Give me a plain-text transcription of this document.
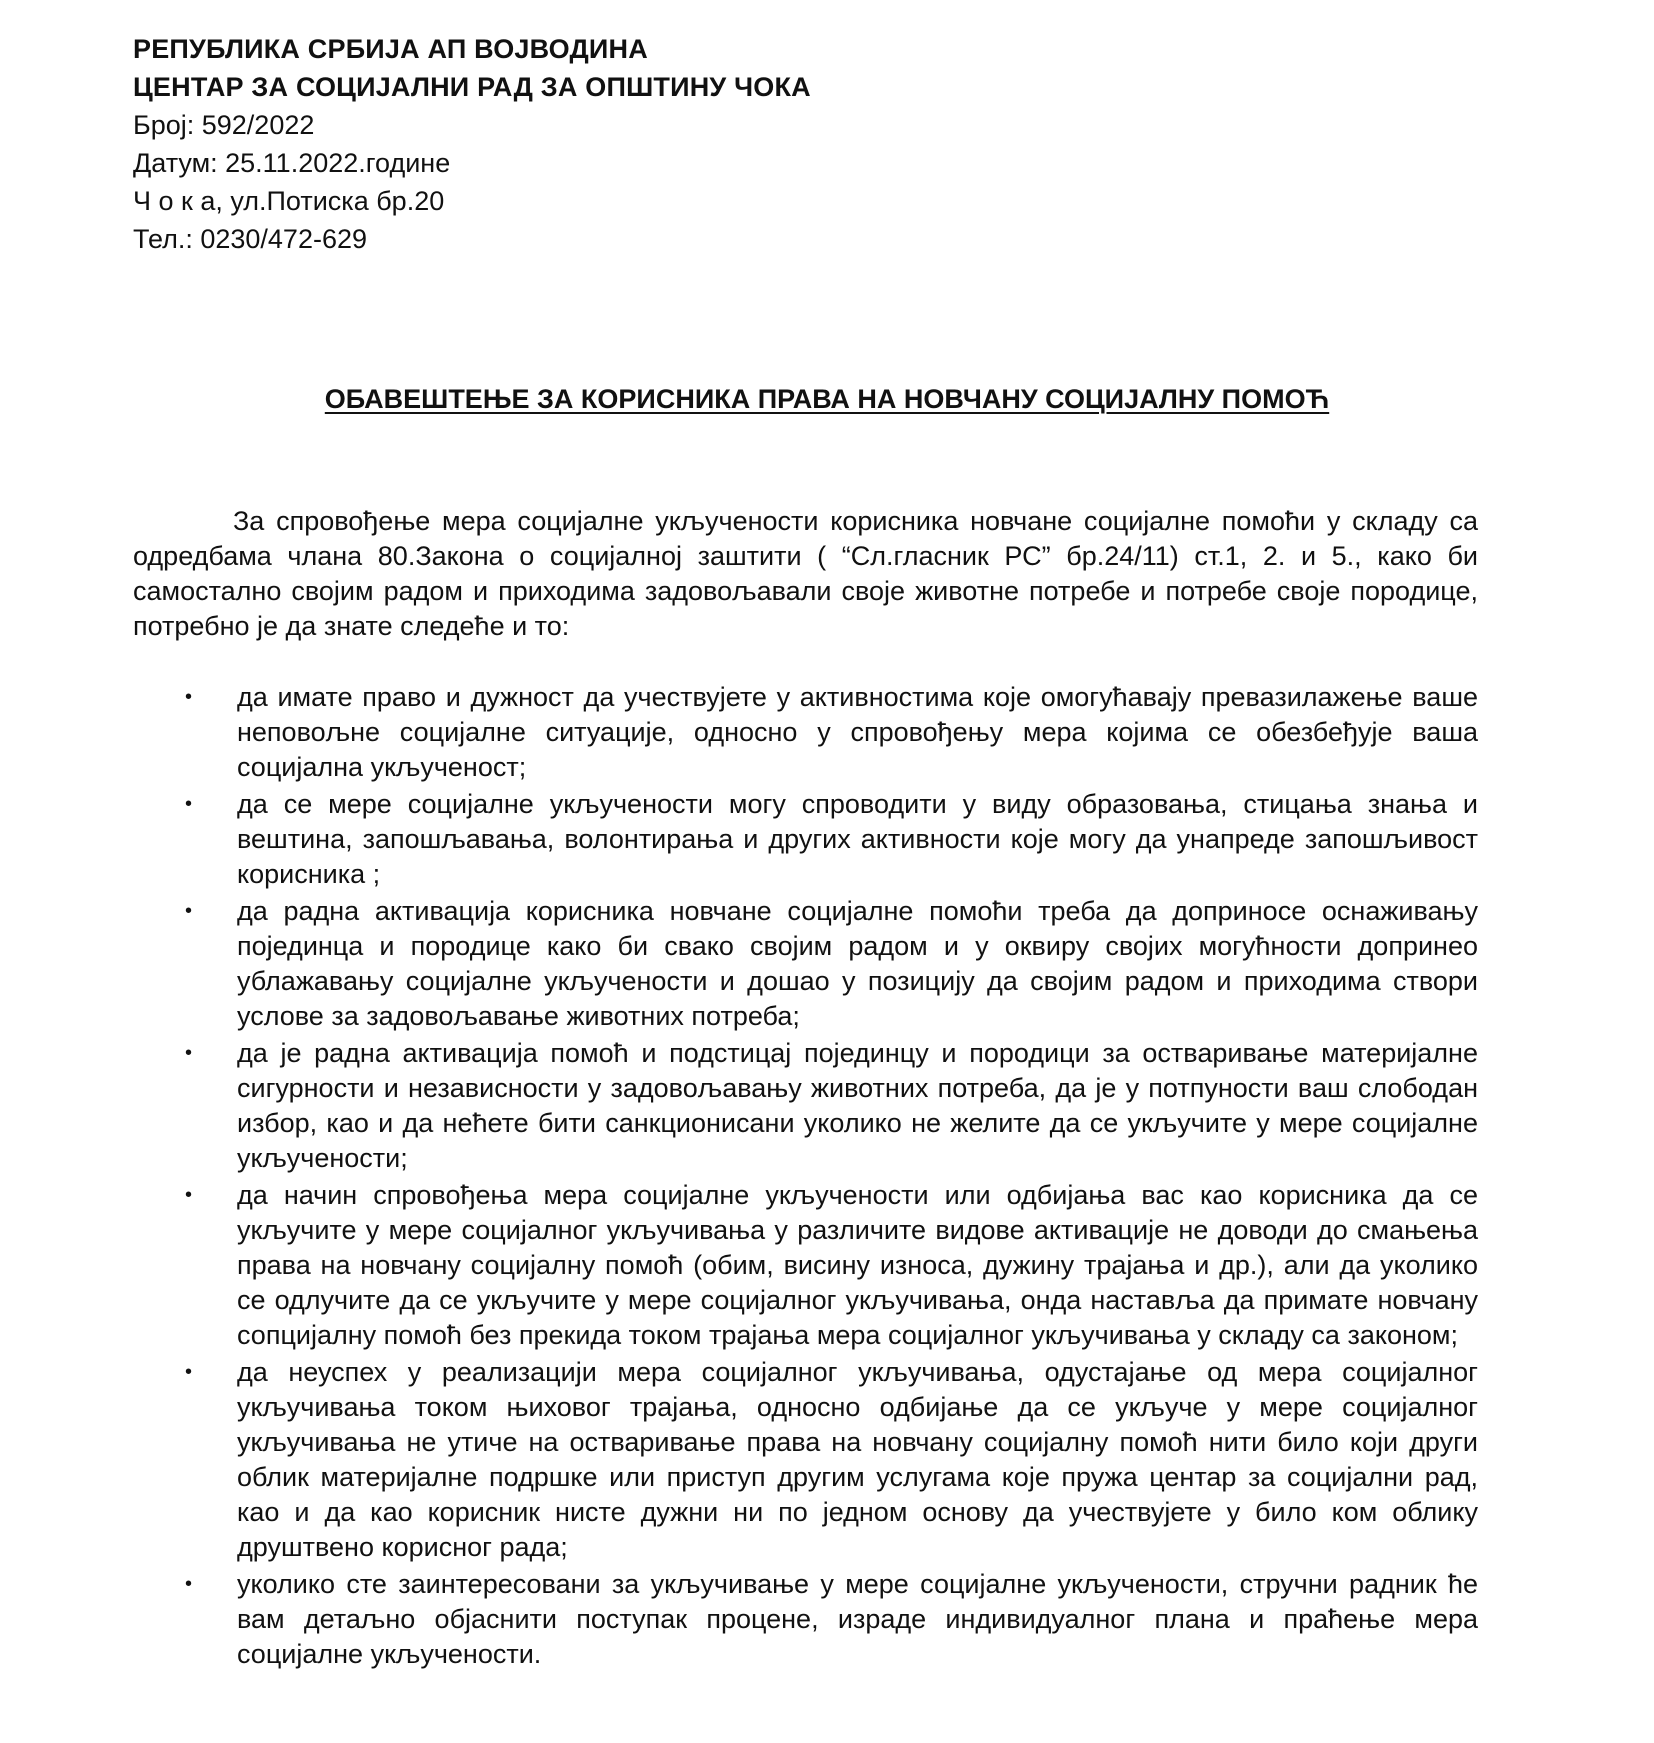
РЕПУБЛИКА СРБИЈА АП ВОЈВОДИНА
ЦЕНТАР ЗА СОЦИЈАЛНИ РАД ЗА ОПШТИНУ ЧОКА
Број: 592/2022
Датум: 25.11.2022.године
Ч о к а, ул.Потиска бр.20
Тел.: 0230/472-629
ОБАВЕШТЕЊЕ ЗА КОРИСНИКА ПРАВА НА НОВЧАНУ СОЦИЈАЛНУ ПОМОЋ

За спровођење мера социјалне укључености корисника новчане социјалне помоћи у складу са одредбама члана 80.Закона о социјалној заштити ( “Сл.гласник РС” бр.24/11) ст.1, 2. и 5., како би самостално својим радом и приходима задовољавали своје животне потребе и потребе своје породице, потребно је да знате следеће и то:

• да имате право и дужност да учествујете у активностима које омогућавају превазилажење ваше неповољне социјалне ситуације, односно у спровођењу мера којима се обезбеђује ваша социјална укљученост;
• да се мере социјалне укључености могу спроводити у виду образовања, стицања знања и вештина, запошљавања, волонтирања и других активности које могу да унапреде запошљивост корисника ;
• да радна активација корисника новчане социјалне помоћи треба да доприносе оснаживању појединца и породице како би свако својим радом и у оквиру својих могућности допринео ублажавању социјалне укључености и дошао у позицију да својим радом и приходима створи услове за задовољавање животних потреба;
• да је радна активација помоћ и подстицај појединцу и породици за остваривање материјалне сигурности и независности у задовољавању животних потреба, да је у потпуности ваш слободан избор, као и да нећете бити санкционисани уколико не желите да се укључите у мере социјалне укључености;
• да начин спровођења мера социјалне укључености или одбијања вас као корисника да се укључите у мере социјалног укључивања у различите видове активације не доводи до смањења права на новчану социјалну помоћ (обим, висину износа, дужину трајања и др.), али да уколико се одлучите да се укључите у мере социјалног укључивања, онда наставља да примате новчану сопцијалну помоћ без прекида током трајања мера социјалног укључивања у складу са законом;
• да неуспех у реализацији мера социјалног укључивања, одустајање од мера социјалног укључивања током њиховог трајања, односно одбијање да се укључе у мере социјалног укључивања не утиче на остваривање права на новчану социјалну помоћ нити било који други облик материјалне подршке или приступ другим услугама које пружа центар за социјални рад, као и да као корисник нисте дужни ни по једном основу да учествујете у било ком облику друштвено корисног рада;
• уколико сте заинтересовани за укључивање у мере социјалне укључености, стручни радник ће вам детаљно објаснити поступак процене, израде индивидуалног плана и праћење мера социјалне укључености.
